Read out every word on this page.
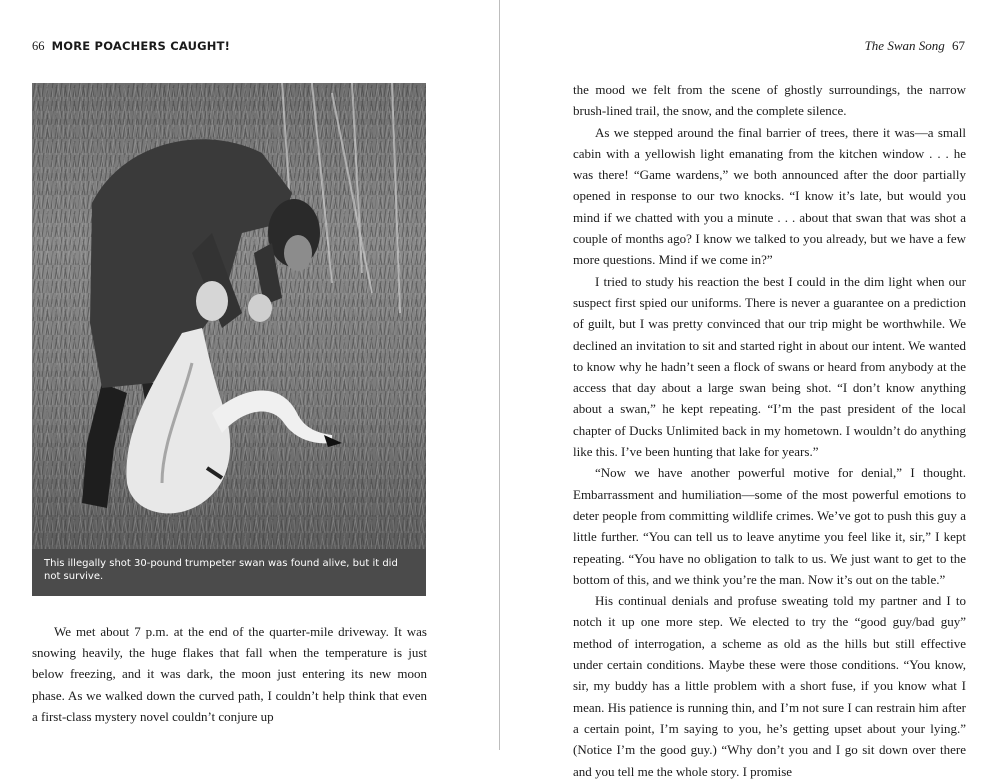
66 MORE POACHERS CAUGHT!
This illegally shot 30-pound trumpeter swan was found alive, but it did not survive.

We met about 7 p.m. at the end of the quarter-mile driveway. It was snowing heavily, the huge flakes that fall when the temperature is just below freezing, and it was dark, the moon just entering its new moon phase. As we walked down the curved path, I couldn’t help think that even a first-class mystery novel couldn’t conjure up

The Swan Song 67

the mood we felt from the scene of ghostly surroundings, the narrow brush-lined trail, the snow, and the complete silence.

As we stepped around the final barrier of trees, there it was—a small cabin with a yellowish light emanating from the kitchen window . . . he was there! “Game wardens,” we both announced after the door partially opened in response to our two knocks. “I know it’s late, but would you mind if we chatted with you a minute . . . about that swan that was shot a couple of months ago? I know we talked to you already, but we have a few more questions. Mind if we come in?”

I tried to study his reaction the best I could in the dim light when our suspect first spied our uniforms. There is never a guarantee on a prediction of guilt, but I was pretty convinced that our trip might be worthwhile. We declined an invitation to sit and started right in about our intent. We wanted to know why he hadn’t seen a flock of swans or heard from anybody at the access that day about a large swan being shot. “I don’t know anything about a swan,” he kept repeating. “I’m the past president of the local chapter of Ducks Unlimited back in my hometown. I wouldn’t do anything like this. I’ve been hunting that lake for years.”

“Now we have another powerful motive for denial,” I thought. Embarrassment and humiliation—some of the most powerful emotions to deter people from committing wildlife crimes. We’ve got to push this guy a little further. “You can tell us to leave anytime you feel like it, sir,” I kept repeating. “You have no obligation to talk to us. We just want to get to the bottom of this, and we think you’re the man. Now it’s out on the table.”

His continual denials and profuse sweating told my partner and I to notch it up one more step. We elected to try the “good guy/bad guy” method of interrogation, a scheme as old as the hills but still effective under certain conditions. Maybe these were those conditions. “You know, sir, my buddy has a little problem with a short fuse, if you know what I mean. His patience is running thin, and I’m not sure I can restrain him after a certain point, I’m saying to you, he’s getting upset about your lying.” (Notice I’m the good guy.) “Why don’t you and I go sit down over there and you tell me the whole story. I promise
